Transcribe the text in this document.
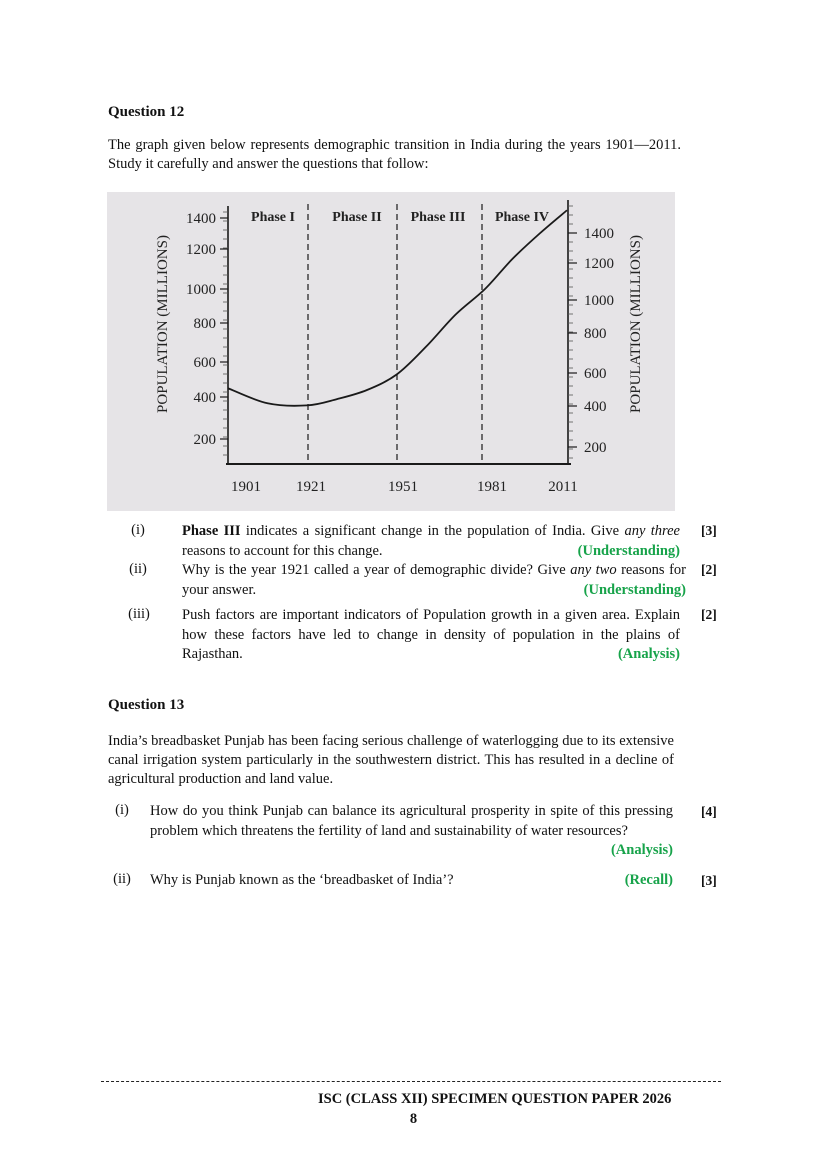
Question 12
The graph given below represents demographic transition in India during the years 1901—2011. Study it carefully and answer the questions that follow:
200
400
600
800
1000
1200
1400
200
400
600
800
1000
1200
1400
POPULATION (MILLIONS)	POPULATION (MILLIONS)
1901 1921	1951	1981	2011
Phase I	Phase II Phase III Phase IV
(i)	Phase III indicates a significant change in the population of India. Give any three reasons to account for this change.	(Understanding)
[3]
(ii)	Why is the year 1921 called a year of demographic divide? Give any two reasons for your answer.	(Understanding)
[2]
(iii)	Push factors are important indicators of Population growth in a given area. Explain how these factors have led to change in density of population in the plains of Rajasthan.	(Analysis)
[2]
Question 13
India’s breadbasket Punjab has been facing serious challenge of waterlogging due to its extensive canal irrigation system particularly in the southwestern district. This has resulted in a decline of agricultural production and land value.
(i)	How do you think Punjab can balance its agricultural prosperity in spite of this pressing problem which threatens the fertility of land and sustainability of water resources?
(Analysis)
[4]
(ii) Why is Punjab known as the ‘breadbasket of India’?	(Recall) [3]
ISC (CLASS XII) SPECIMEN QUESTION PAPER 2026
8
